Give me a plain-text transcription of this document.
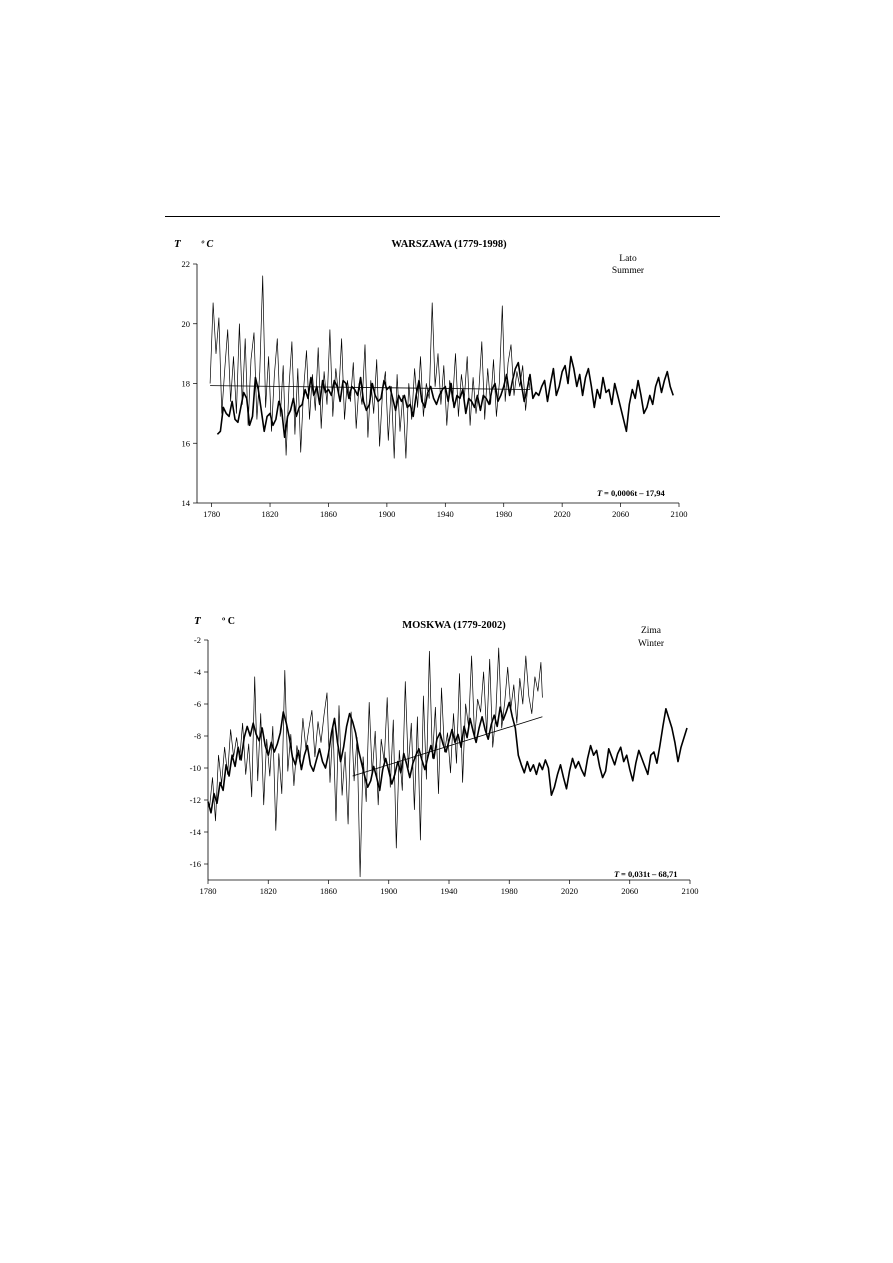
WARSZAWA (1779-1998)
T º C
Lato
Summer
T = 0,0006t – 17,94
1780	1820	1860	1900	1940	1980	2020	2060	2100
14
16
18
20
22
MOSKWA (1779-2002)
T º C
Zima
Winter
T = 0,031t – 68,71
1780	1820	1860	1900	1940	1980	2020	2060	2100
-2
-4
-6
-8
-10
-12
-14
-16
